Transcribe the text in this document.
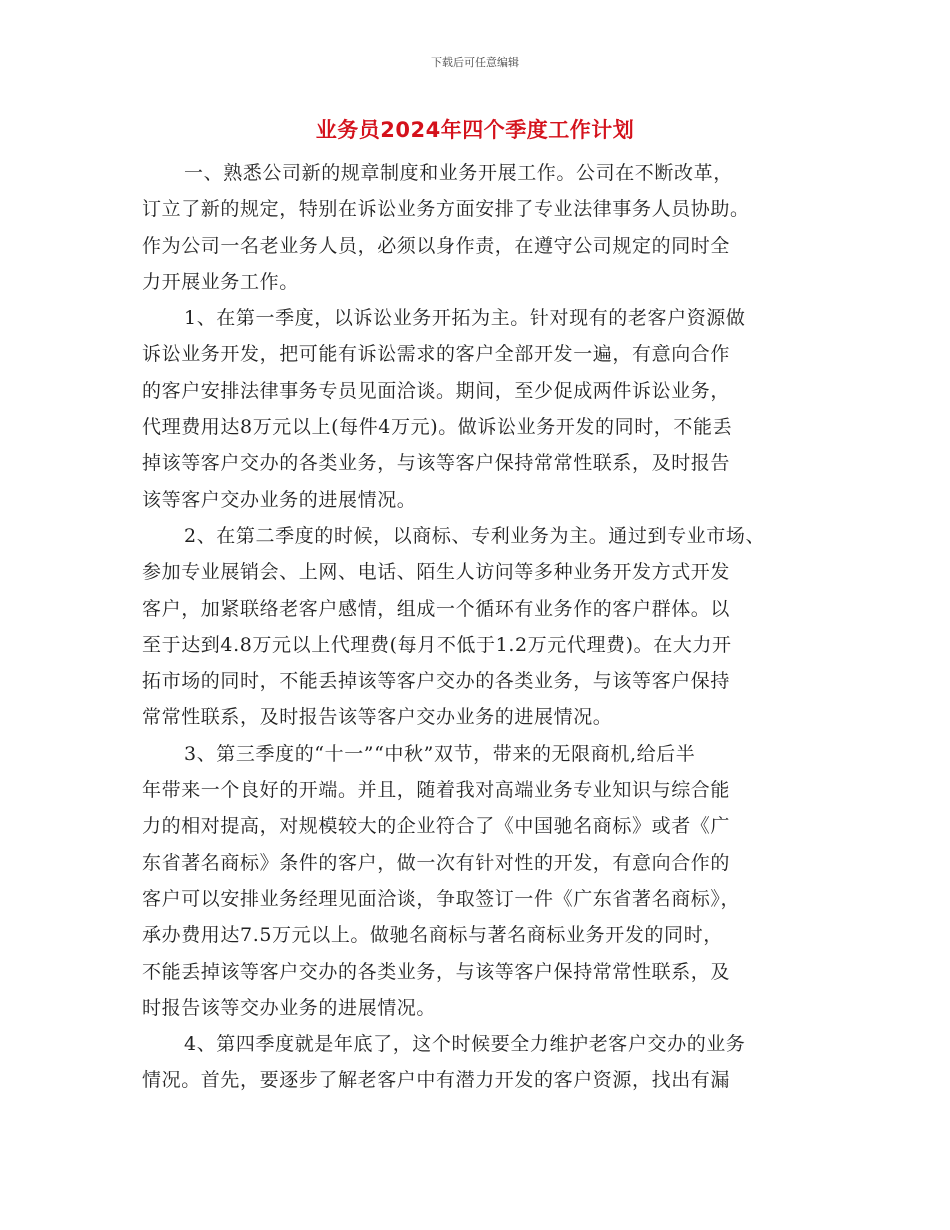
下载后可任意编辑
业务员2024年四个季度工作计划
一、熟悉公司新的规章制度和业务开展工作。公司在不断改革，
订立了新的规定，特别在诉讼业务方面安排了专业法律事务人员协助。
作为公司一名老业务人员，必须以身作责，在遵守公司规定的同时全
力开展业务工作。
1、在第一季度，以诉讼业务开拓为主。针对现有的老客户资源做
诉讼业务开发，把可能有诉讼需求的客户全部开发一遍，有意向合作
的客户安排法律事务专员见面洽谈。期间，至少促成两件诉讼业务，
代理费用达8万元以上(每件4万元)。做诉讼业务开发的同时，不能丢
掉该等客户交办的各类业务，与该等客户保持常常性联系，及时报告
该等客户交办业务的进展情况。
2、在第二季度的时候，以商标、专利业务为主。通过到专业市场、
参加专业展销会、上网、电话、陌生人访问等多种业务开发方式开发
客户，加紧联络老客户感情，组成一个循环有业务作的客户群体。以
至于达到4.8万元以上代理费(每月不低于1.2万元代理费)。在大力开
拓市场的同时，不能丢掉该等客户交办的各类业务，与该等客户保持
常常性联系，及时报告该等客户交办业务的进展情况。
3、第三季度的“十一”“中秋”双节，带来的无限商机,给后半
年带来一个良好的开端。并且，随着我对高端业务专业知识与综合能
力的相对提高，对规模较大的企业符合了《中国驰名商标》或者《广
东省著名商标》条件的客户，做一次有针对性的开发，有意向合作的
客户可以安排业务经理见面洽谈，争取签订一件《广东省著名商标》，
承办费用达7.5万元以上。做驰名商标与著名商标业务开发的同时，
不能丢掉该等客户交办的各类业务，与该等客户保持常常性联系，及
时报告该等交办业务的进展情况。
4、第四季度就是年底了，这个时候要全力维护老客户交办的业务
情况。首先，要逐步了解老客户中有潜力开发的客户资源，找出有漏
